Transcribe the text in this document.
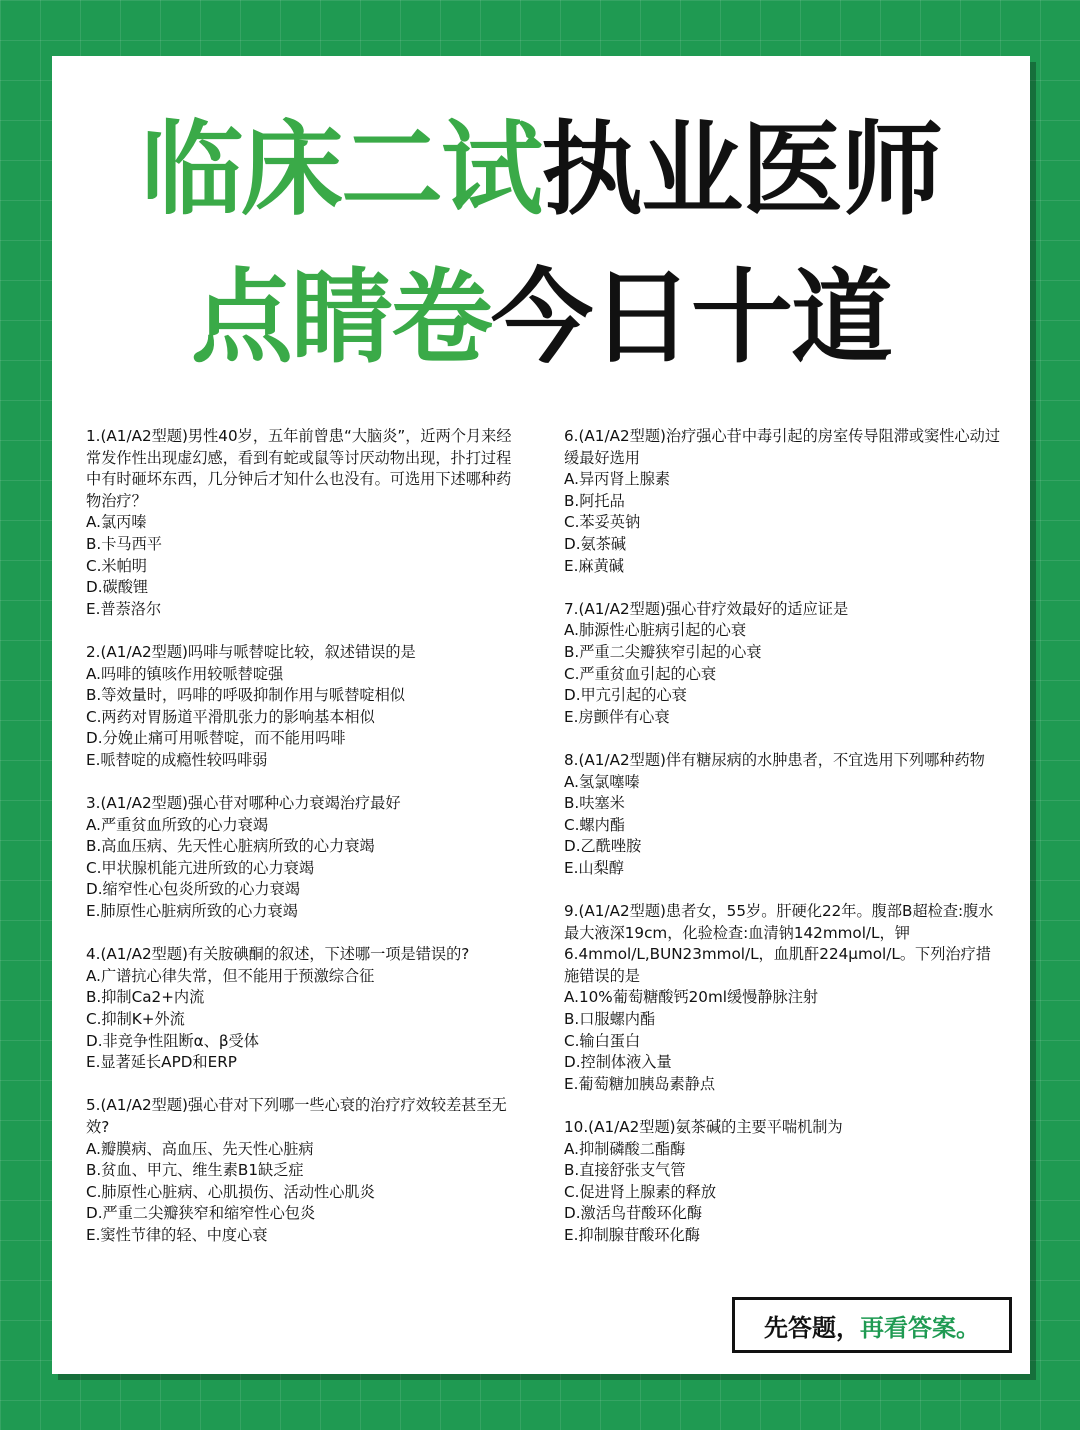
临床二试执业医师
点睛卷今日十道
1.(A1/A2型题)男性40岁，五年前曾患“大脑炎”，近两个月来经常发作性出现虚幻感，看到有蛇或鼠等讨厌动物出现，扑打过程中有时砸坏东西，几分钟后才知什么也没有。可选用下述哪种药物治疗？
A.氯丙嗪
B.卡马西平
C.米帕明
D.碳酸锂
E.普萘洛尔
2.(A1/A2型题)吗啡与哌替啶比较，叙述错误的是
A.吗啡的镇咳作用较哌替啶强
B.等效量时，吗啡的呼吸抑制作用与哌替啶相似
C.两药对胃肠道平滑肌张力的影响基本相似
D.分娩止痛可用哌替啶，而不能用吗啡
E.哌替啶的成瘾性较吗啡弱
3.(A1/A2型题)强心苷对哪种心力衰竭治疗最好
A.严重贫血所致的心力衰竭
B.高血压病、先天性心脏病所致的心力衰竭
C.甲状腺机能亢进所致的心力衰竭
D.缩窄性心包炎所致的心力衰竭
E.肺原性心脏病所致的心力衰竭
4.(A1/A2型题)有关胺碘酮的叙述，下述哪一项是错误的?
A.广谱抗心律失常，但不能用于预激综合征
B.抑制Ca2+内流
C.抑制K+外流
D.非竞争性阻断α、β受体
E.显著延长APD和ERP
5.(A1/A2型题)强心苷对下列哪一些心衰的治疗疗效较差甚至无效?
A.瓣膜病、高血压、先天性心脏病
B.贫血、甲亢、维生素B1缺乏症
C.肺原性心脏病、心肌损伤、活动性心肌炎
D.严重二尖瓣狭窄和缩窄性心包炎
E.窦性节律的轻、中度心衰
6.(A1/A2型题)治疗强心苷中毒引起的房室传导阻滞或窦性心动过缓最好选用
A.异丙肾上腺素
B.阿托品
C.苯妥英钠
D.氨茶碱
E.麻黄碱
7.(A1/A2型题)强心苷疗效最好的适应证是
A.肺源性心脏病引起的心衰
B.严重二尖瓣狭窄引起的心衰
C.严重贫血引起的心衰
D.甲亢引起的心衰
E.房颤伴有心衰
8.(A1/A2型题)伴有糖尿病的水肿患者，不宜选用下列哪种药物
A.氢氯噻嗪
B.呋塞米
C.螺内酯
D.乙酰唑胺
E.山梨醇
9.(A1/A2型题)患者女，55岁。肝硬化22年。腹部B超检查:腹水最大液深19cm，化验检查:血清钠142mmol/L，钾6.4mmol/L,BUN23mmol/L，血肌酐224μmol/L。下列治疗措施错误的是
A.10%葡萄糖酸钙20ml缓慢静脉注射
B.口服螺内酯
C.输白蛋白
D.控制体液入量
E.葡萄糖加胰岛素静点
10.(A1/A2型题)氨茶碱的主要平喘机制为
A.抑制磷酸二酯酶
B.直接舒张支气管
C.促进肾上腺素的释放
D.激活鸟苷酸环化酶
E.抑制腺苷酸环化酶
先答题， 再看答案。
